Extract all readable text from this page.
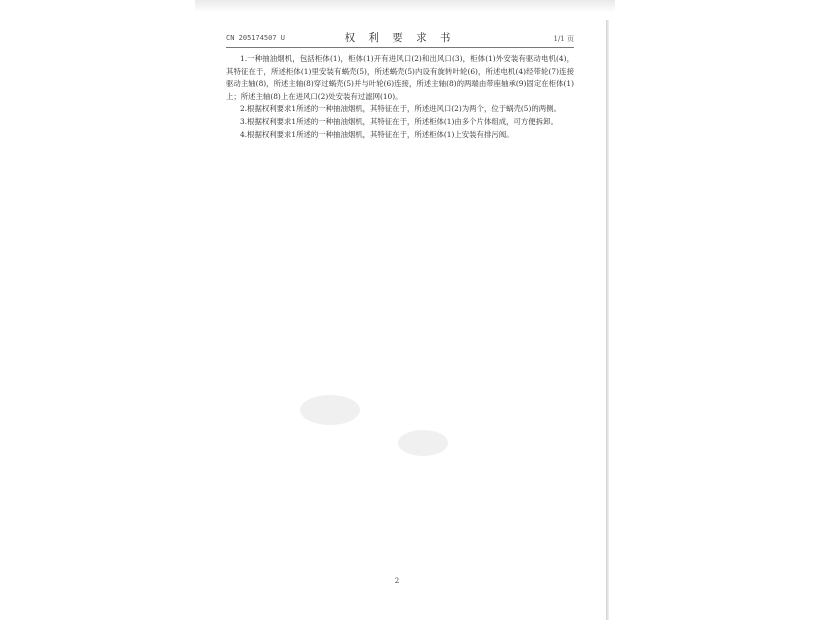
CN 205174507 U	权 利 要 求 书	1/1 页

1.一种抽油烟机，包括柜体(1)，柜体(1)开有进风口(2)和出风口(3)，柜体(1)外安装有驱动电机(4)，其特征在于，所述柜体(1)里安装有蜗壳(5)，所述蜗壳(5)内设有旋转叶轮(6)，所述电机(4)经带轮(7)连接驱动主轴(8)，所述主轴(8)穿过蜗壳(5)并与叶轮(6)连接，所述主轴(8)的两端由带座轴承(9)固定在柜体(1)上；所述主轴(8)上在进风口(2)处安装有过滤网(10)。

2.根据权利要求1所述的一种抽油烟机，其特征在于，所述进风口(2)为两个，位于蜗壳(5)的两侧。

3.根据权利要求1所述的一种抽油烟机，其特征在于，所述柜体(1)由多个片体组成，可方便拆卸。

4.根据权利要求1所述的一种抽油烟机，其特征在于，所述柜体(1)上安装有排污阀。

2
